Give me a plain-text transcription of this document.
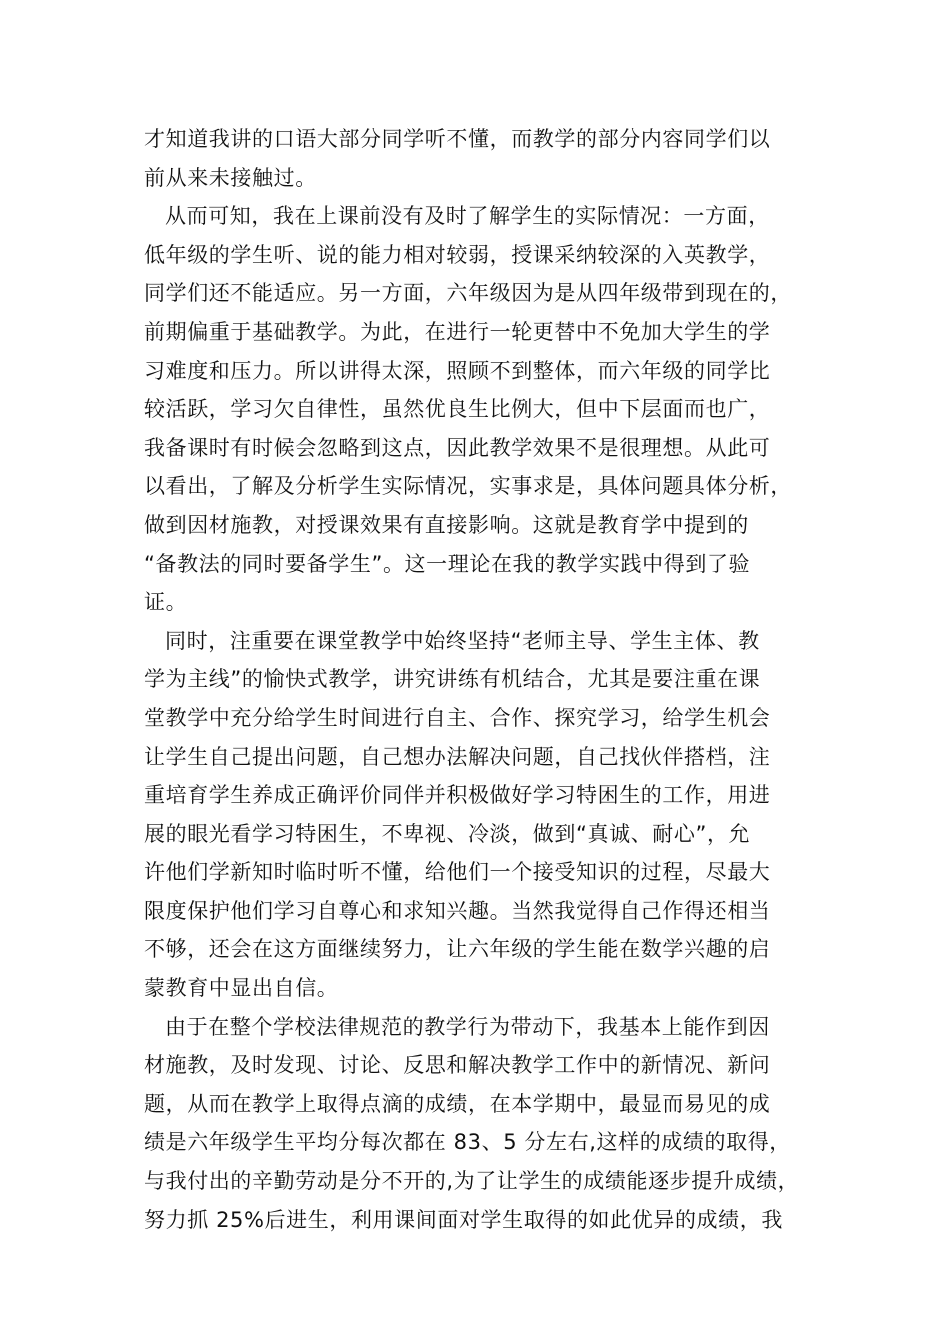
才知道我讲的口语大部分同学听不懂，而教学的部分内容同学们以
前从来未接触过。
从而可知，我在上课前没有及时了解学生的实际情况：一方面，
低年级的学生听、说的能力相对较弱，授课采纳较深的入英教学，
同学们还不能适应。另一方面，六年级因为是从四年级带到现在的，
前期偏重于基础教学。为此，在进行一轮更替中不免加大学生的学
习难度和压力。所以讲得太深，照顾不到整体，而六年级的同学比
较活跃，学习欠自律性，虽然优良生比例大，但中下层面而也广，
我备课时有时候会忽略到这点，因此教学效果不是很理想。从此可
以看出，了解及分析学生实际情况，实事求是，具体问题具体分析，
做到因材施教，对授课效果有直接影响。这就是教育学中提到的
“备教法的同时要备学生”。这一理论在我的教学实践中得到了验
证。
同时，注重要在课堂教学中始终坚持“老师主导、学生主体、教
学为主线”的愉快式教学，讲究讲练有机结合，尤其是要注重在课
堂教学中充分给学生时间进行自主、合作、探究学习，给学生机会
让学生自己提出问题，自己想办法解决问题，自己找伙伴搭档，注
重培育学生养成正确评价同伴并积极做好学习特困生的工作，用进
展的眼光看学习特困生，不卑视、冷淡，做到“真诚、耐心”，允
许他们学新知时临时听不懂，给他们一个接受知识的过程，尽最大
限度保护他们学习自尊心和求知兴趣。当然我觉得自己作得还相当
不够，还会在这方面继续努力，让六年级的学生能在数学兴趣的启
蒙教育中显出自信。
由于在整个学校法律规范的教学行为带动下，我基本上能作到因
材施教，及时发现、讨论、反思和解决教学工作中的新情况、新问
题，从而在教学上取得点滴的成绩，在本学期中，最显而易见的成
绩是六年级学生平均分每次都在 83、5 分左右,这样的成绩的取得，
与我付出的辛勤劳动是分不开的,为了让学生的成绩能逐步提升成绩，
努力抓 25%后进生，利用课间面对学生取得的如此优异的成绩，我
